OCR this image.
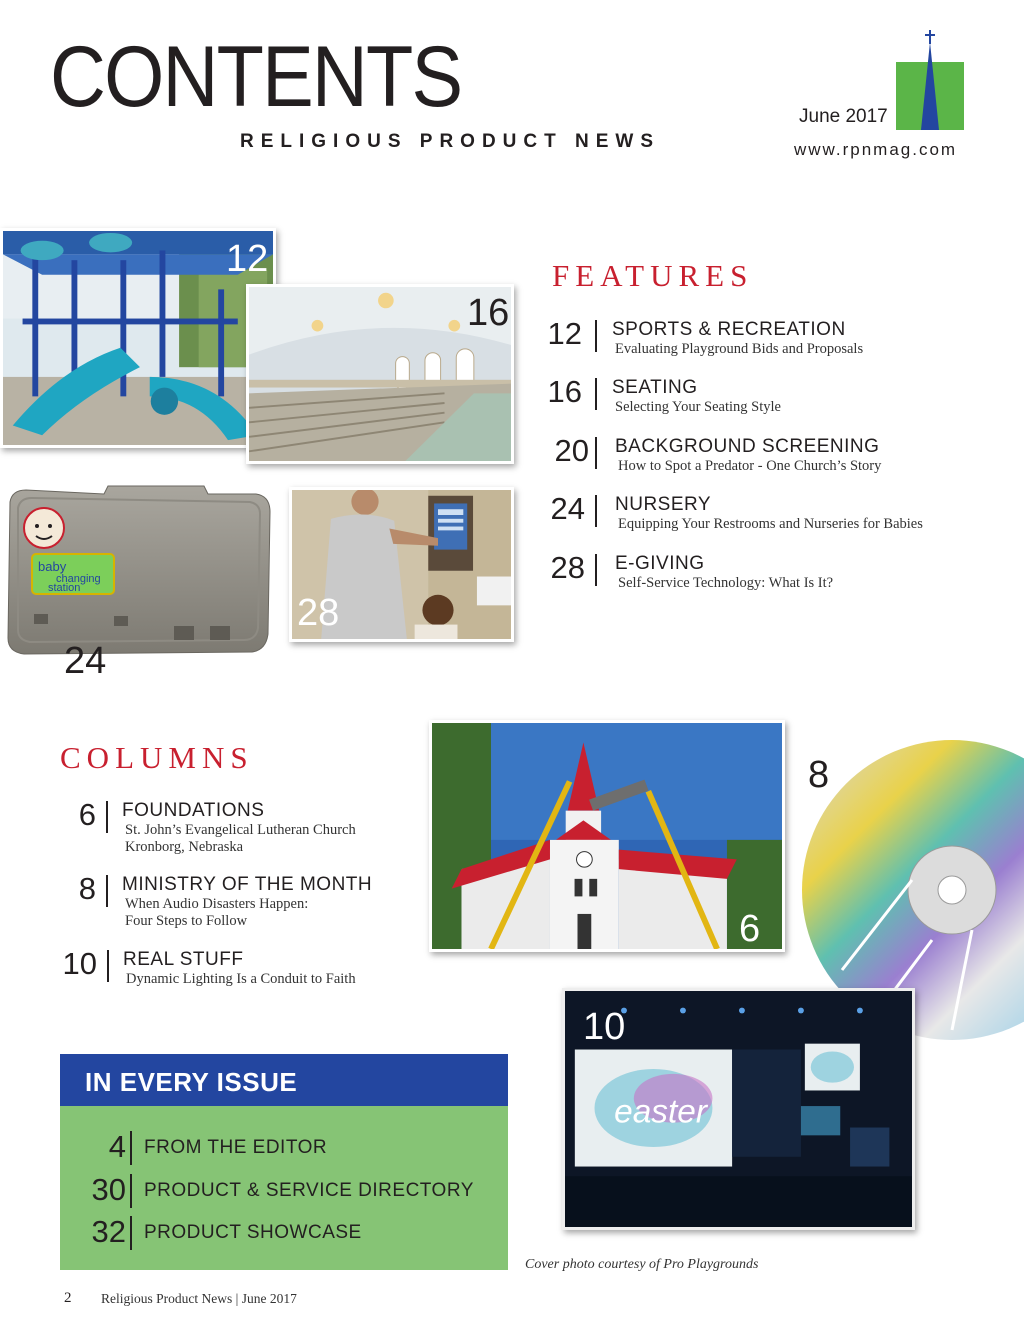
CONTENTS
RELIGIOUS PRODUCT NEWS
June 2017
www.rpnmag.com
12
16
baby
changing
station
24
28
6
8
easter
10
FEATURES
12 SPORTS & RECREATION
Evaluating Playground Bids and Proposals
16 SEATING
Selecting Your Seating Style
20 BACKGROUND SCREENING
How to Spot a Predator - One Church’s Story
24 NURSERY
Equipping Your Restrooms and Nurseries for Babies
28 E-GIVING
Self-Service Technology: What Is It?
COLUMNS
6 FOUNDATIONS
St. John’s Evangelical Lutheran Church
Kronborg, Nebraska
8 MINISTRY OF THE MONTH
When Audio Disasters Happen:
Four Steps to Follow
10 REAL STUFF
Dynamic Lighting Is a Conduit to Faith
IN EVERY ISSUE
4 FROM THE EDITOR
30 PRODUCT & SERVICE DIRECTORY
32 PRODUCT SHOWCASE
Cover photo courtesy of Pro Playgrounds
2 Religious Product News | June 2017
